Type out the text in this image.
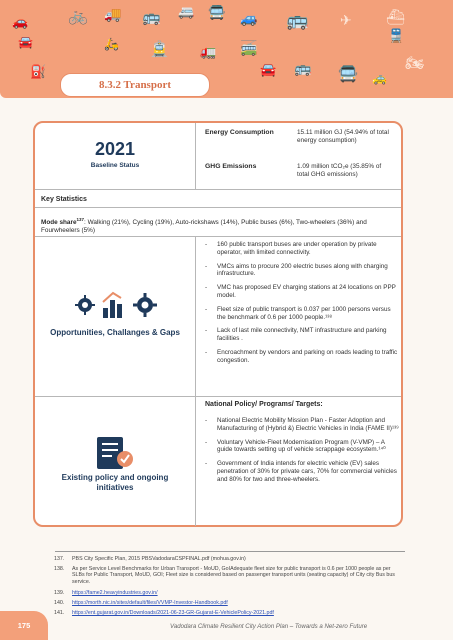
🚗 🚲 🚚 🚌 🚐 🚍 🚙 🚌 ✈ ⛴
🚆
🚘	🛵 🚊 🚛 🚎
🚘 🚌
⛽	🚍 🚕
🏍
8.3.2 Transport
2021
Baseline Status
Energy Consumption	15.11 million GJ (54.94% of total energy consumption)
GHG Emissions	1.09 million tCO₂e (35.85% of total GHG emissions)
Key Statistics
Mode share$^{137}$: Walking (21%), Cycling (19%), Auto-rickshaws (14%), Public buses (6%), Two-wheelers (36%) and Fourwheelers (5%)
Opportunities, Challanges & Gaps
- 160 public transport buses are under operation by private operator, with limited connectivity.
- VMCs aims to procure 200 electric buses along with charging infrastructure.
- VMC has proposed EV charging stations at 24 locations on PPP model.
- Fleet size of public transport is 0.037 per 1000 persons versus the benchmark of 0.6 per 1000 people.¹³⁸
- Lack of last mile connectivity, NMT infrastructure and parking facilities .
- Encroachment by vendors and parking on roads leading to traffic congestion.
Existing policy and ongoing initiatives
National Policy/ Programs/ Targets:
- National Electric Mobility Mission Plan - Faster Adoption and Manufacturing of (Hybrid &) Electric Vehicles in India (FAME II)¹³⁹
- Voluntary Vehicle-Fleet Modernisation Program (V-VMP) – A guide towards setting up of vehicle scrappage ecosystem.¹⁴⁰
- Government of India intends for electric vehicle (EV) sales penetration of 30% for private cars, 70% for commercial vehicles and 80% for two and three-wheelers.
137. PBS City Specific Plan, 2015 PBSVadodaraCSPFINAL.pdf (mohua.gov.in)
138. As per Service Level Benchmarks for Urban Transport - MoUD, GoIAdequate fleet size for public transport is 0.6 per 1000 people as per SLBs for Public Transport, MoUD, GOI; Fleet size is considered based on passenger transport units (seating capacity) of City city Bus bus service.
139. https://fame2.heavyindustries.gov.in/
140. https://morth.nic.in/sites/default/files/VVMP-Investor-Handbook.pdf
141. https://ent.gujarat.gov.in/Downloads/2021-06-23-GR-Gujarat-E-VehiclePolicy-2021.pdf
175	Vadodara Climate Resilient City Action Plan – Towards a Net-zero Future
